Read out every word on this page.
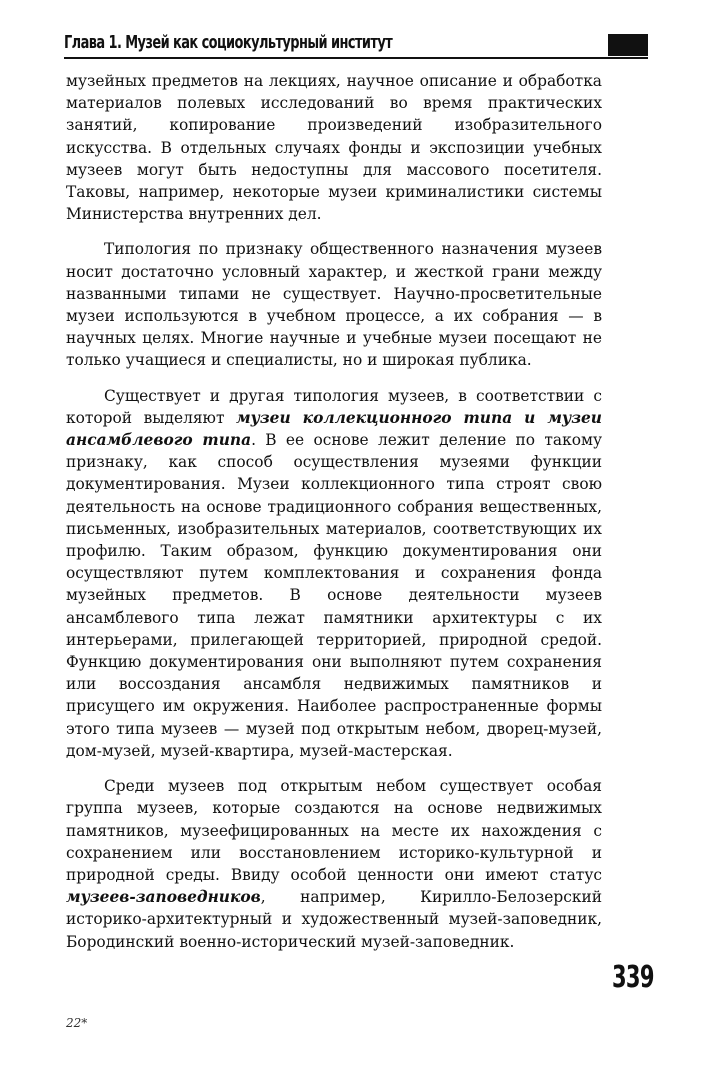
Глава 1. Музей как социокультурный институт

музейных предметов на лекциях, научное описание и обработка материалов полевых исследований во время практических занятий, копирование произведений изобразительного искусства. В отдельных случаях фонды и экспозиции учебных музеев могут быть недоступны для массового посетителя. Таковы, например, некоторые музеи криминалистики системы Министерства внутренних дел.

Типология по признаку общественного назначения музеев носит достаточно условный характер, и жесткой грани между названными типами не существует. Научно-просветительные музеи используются в учебном процессе, а их собрания — в научных целях. Многие научные и учебные музеи посещают не только учащиеся и специалисты, но и широкая публика.

Существует и другая типология музеев, в соответствии с которой выделяют музеи коллекционного типа и музеи ансамблевого типа. В ее основе лежит деление по такому признаку, как способ осуществления музеями функции документирования. Музеи коллекционного типа строят свою деятельность на основе традиционного собрания вещественных, письменных, изобразительных материалов, соответствующих их профилю. Таким образом, функцию документирования они осуществляют путем комплектования и сохранения фонда музейных предметов. В основе деятельности музеев ансамблевого типа лежат памятники архитектуры с их интерьерами, прилегающей территорией, природной средой. Функцию документирования они выполняют путем сохранения или воссоздания ансамбля недвижимых памятников и присущего им окружения. Наиболее распространенные формы этого типа музеев — музей под открытым небом, дворец-музей, дом-музей, музей-квартира, музей-мастерская.

Среди музеев под открытым небом существует особая группа музеев, которые создаются на основе недвижимых памятников, музеефицированных на месте их нахождения с сохранением или восстановлением историко-культурной и природной среды. Ввиду особой ценности они имеют статус музеев-заповедников, например, Кирилло-Белозерский историко-архитектурный и художественный музей-заповедник, Бородинский военно-исторический музей-заповедник.

339
22*
